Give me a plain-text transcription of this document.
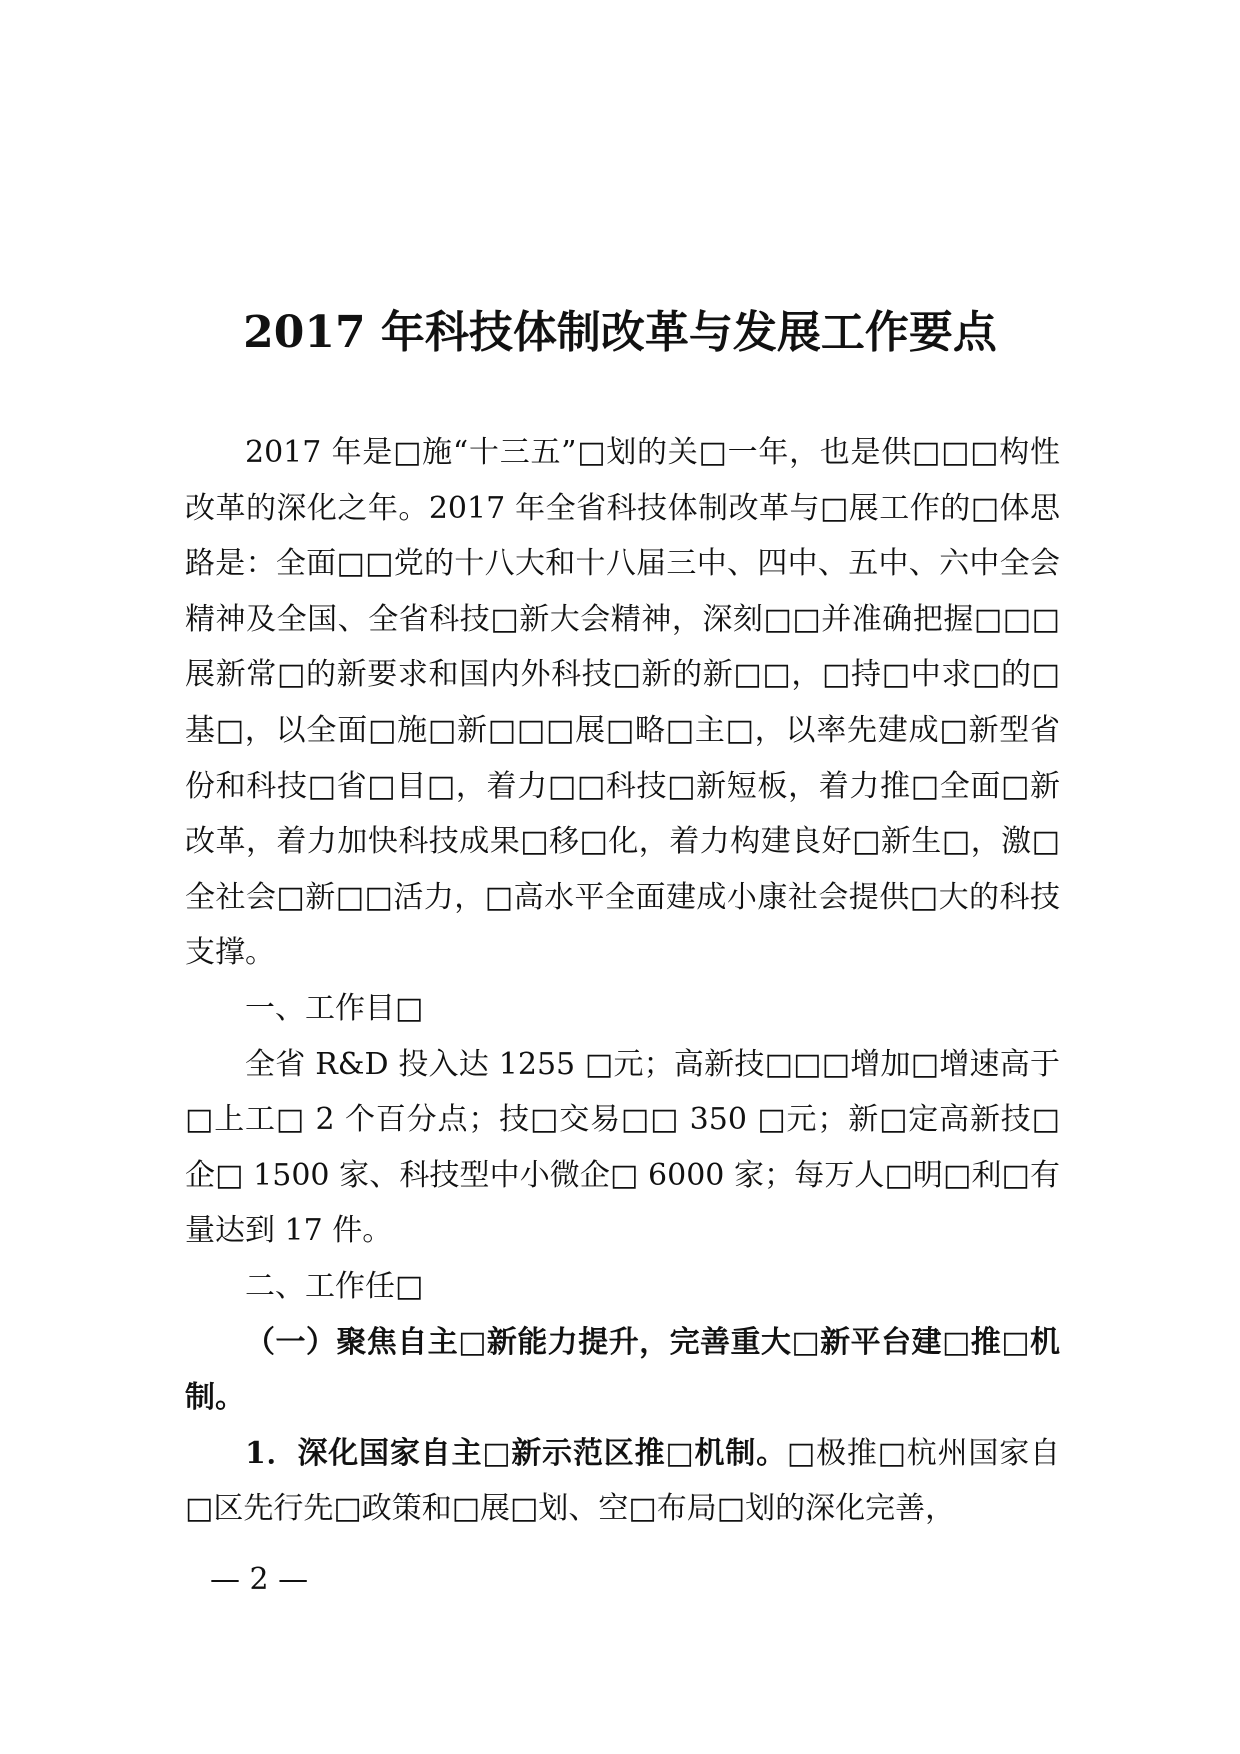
2017 年科技体制改革与发展工作要点

2017 年是□施“十三五”□划的关□一年，也是供□□□构性改革的深化之年。2017 年全省科技体制改革与□展工作的□体思路是：全面□□党的十八大和十八届三中、四中、五中、六中全会精神及全国、全省科技□新大会精神，深刻□□并准确把握□□□展新常□的新要求和国内外科技□新的新□□，□持□中求□的□基□，以全面□施□新□□□展□略□主□，以率先建成□新型省份和科技□省□目□，着力□□科技□新短板，着力推□全面□新改革，着力加快科技成果□移□化，着力构建良好□新生□，激□全社会□新□□活力，□高水平全面建成小康社会提供□大的科技支撑。

一、工作目□

全省 R&D 投入达 1255 □元；高新技□□□增加□增速高于□上工□ 2 个百分点；技□交易□□ 350 □元；新□定高新技□企□ 1500 家、科技型中小微企□ 6000 家；每万人□明□利□有量达到 17 件。

二、工作任□

（一）聚焦自主□新能力提升，完善重大□新平台建□推□机制。

1．深化国家自主□新示范区推□机制。□极推□杭州国家自□区先行先□政策和□展□划、空□布局□划的深化完善，

— 2 —
